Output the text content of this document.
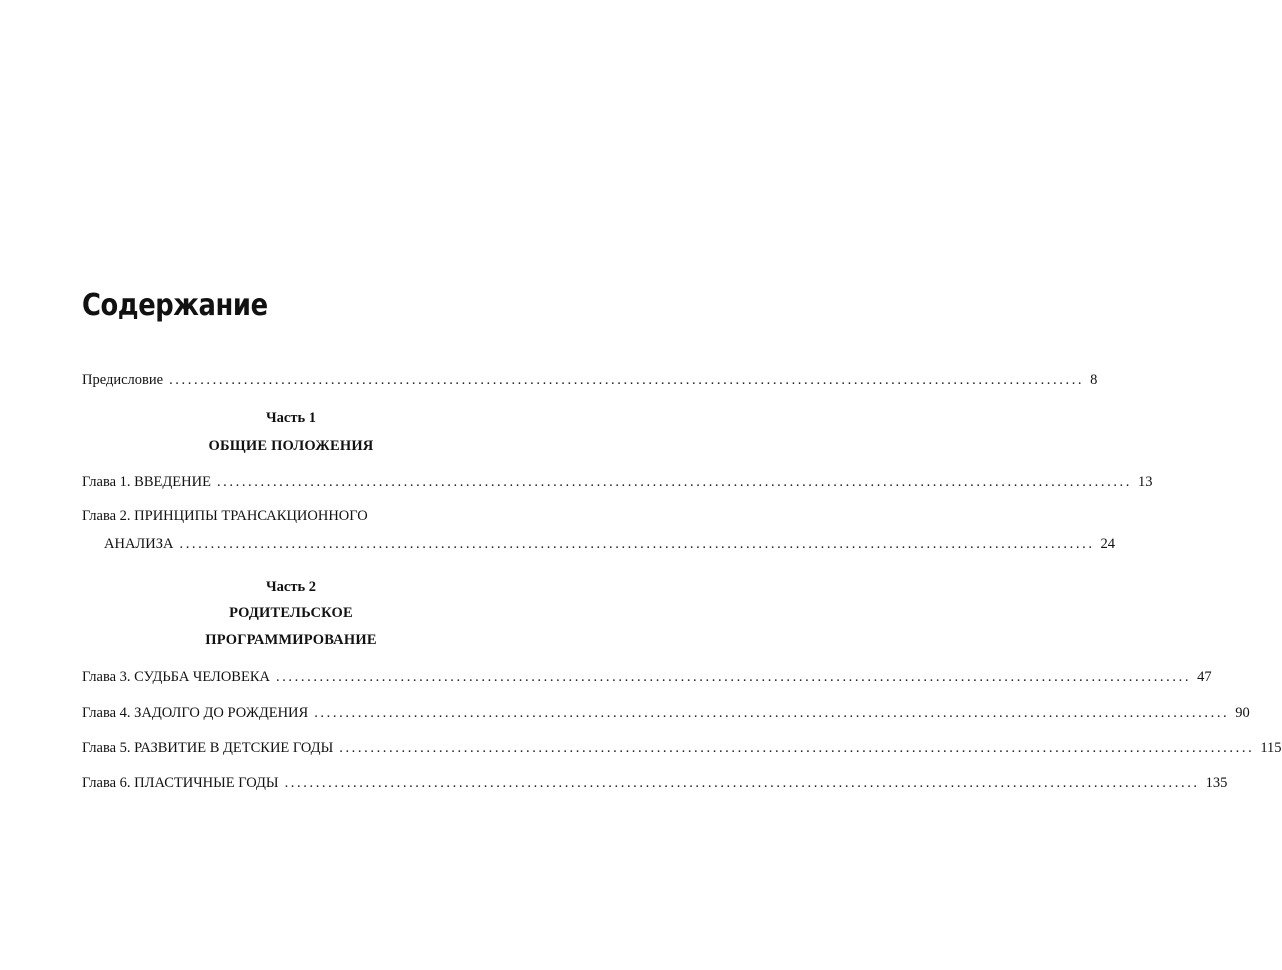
Содержание
Предисловие ................................................................................................................................................... 8
Часть 1
ОБЩИЕ ПОЛОЖЕНИЯ
Глава 1. ВВЕДЕНИЕ ................................................................................................................................................... 13
Глава 2. ПРИНЦИПЫ ТРАНСАКЦИОННОГО
АНАЛИЗА ................................................................................................................................................... 24
Часть 2
РОДИТЕЛЬСКОЕ
ПРОГРАММИРОВАНИЕ
Глава 3. СУДЬБА ЧЕЛОВЕКА ................................................................................................................................................... 47
Глава 4. ЗАДОЛГО ДО РОЖДЕНИЯ ................................................................................................................................................... 90
Глава 5. РАЗВИТИЕ В ДЕТСКИЕ ГОДЫ ................................................................................................................................................... 115
Глава 6. ПЛАСТИЧНЫЕ ГОДЫ ................................................................................................................................................... 135
